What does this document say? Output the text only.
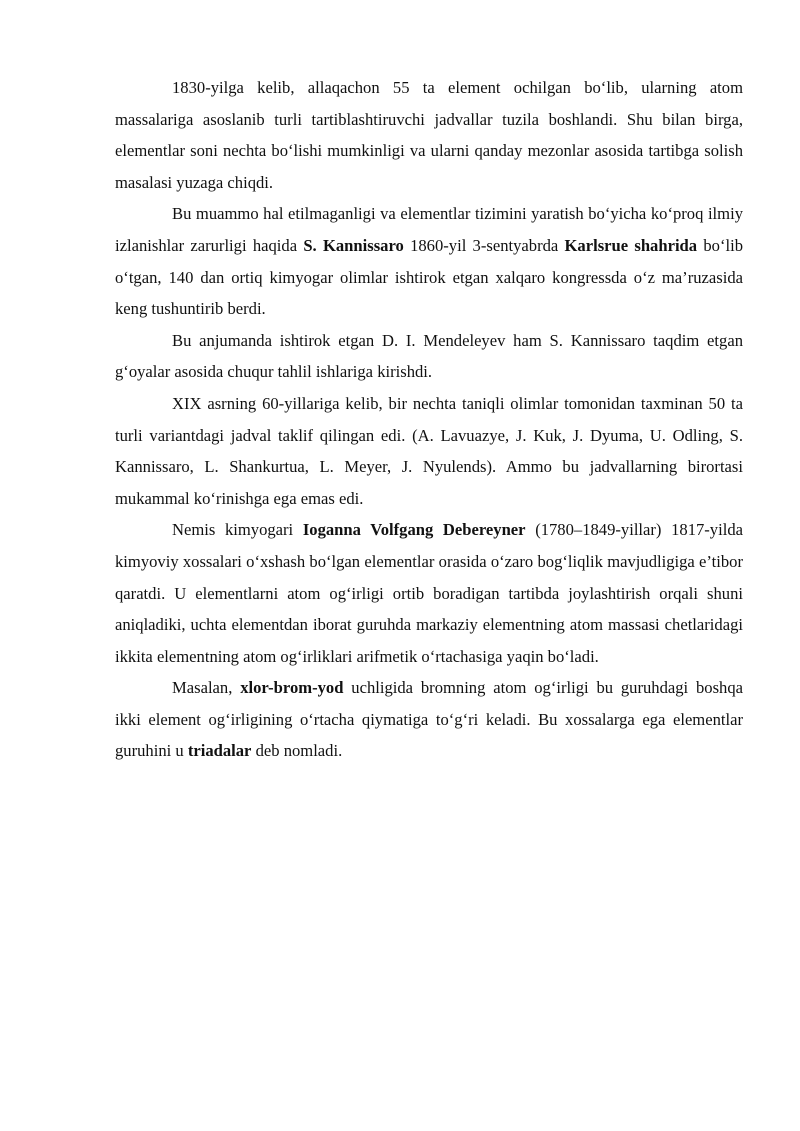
1830-yilga kelib, allaqachon 55 ta element ochilgan bo‘lib, ularning atom massalariga asoslanib turli tartiblashtiruvchi jadvallar tuzila boshlandi. Shu bilan birga, elementlar soni nechta bo‘lishi mumkinligi va ularni qanday mezonlar asosida tartibga solish masalasi yuzaga chiqdi.

Bu muammo hal etilmaganligi va elementlar tizimini yaratish bo‘yicha ko‘proq ilmiy izlanishlar zarurligi haqida S. Kannissaro 1860-yil 3-sentyabrda Karlsrue shahrida bo‘lib o‘tgan, 140 dan ortiq kimyogar olimlar ishtirok etgan xalqaro kongressda o‘z ma’ruzasida keng tushuntirib berdi.

Bu anjumanda ishtirok etgan D. I. Mendeleyev ham S. Kannissaro taqdim etgan g‘oyalar asosida chuqur tahlil ishlariga kirishdi.

XIX asrning 60-yillariga kelib, bir nechta taniqli olimlar tomonidan taxminan 50 ta turli variantdagi jadval taklif qilingan edi. (A. Lavuazye, J. Kuk, J. Dyuma, U. Odling, S. Kannissaro, L. Shankurtua, L. Meyer, J. Nyulends). Ammo bu jadvallarning birortasi mukammal ko‘rinishga ega emas edi.

Nemis kimyogari Ioganna Volfgang Debereyner (1780–1849-yillar) 1817-yilda kimyoviy xossalari o‘xshash bo‘lgan elementlar orasida o‘zaro bog‘liqlik mavjudligiga e’tibor qaratdi. U elementlarni atom og‘irligi ortib boradigan tartibda joylashtirish orqali shuni aniqladiki, uchta elementdan iborat guruhda markaziy elementning atom massasi chetlaridagi ikkita elementning atom og‘irliklari arifmetik o‘rtachasiga yaqin bo‘ladi.

Masalan, xlor-brom-yod uchligida bromning atom og‘irligi bu guruhdagi boshqa ikki element og‘irligining o‘rtacha qiymatiga to‘g‘ri keladi. Bu xossalarga ega elementlar guruhini u triadalar deb nomladi.
